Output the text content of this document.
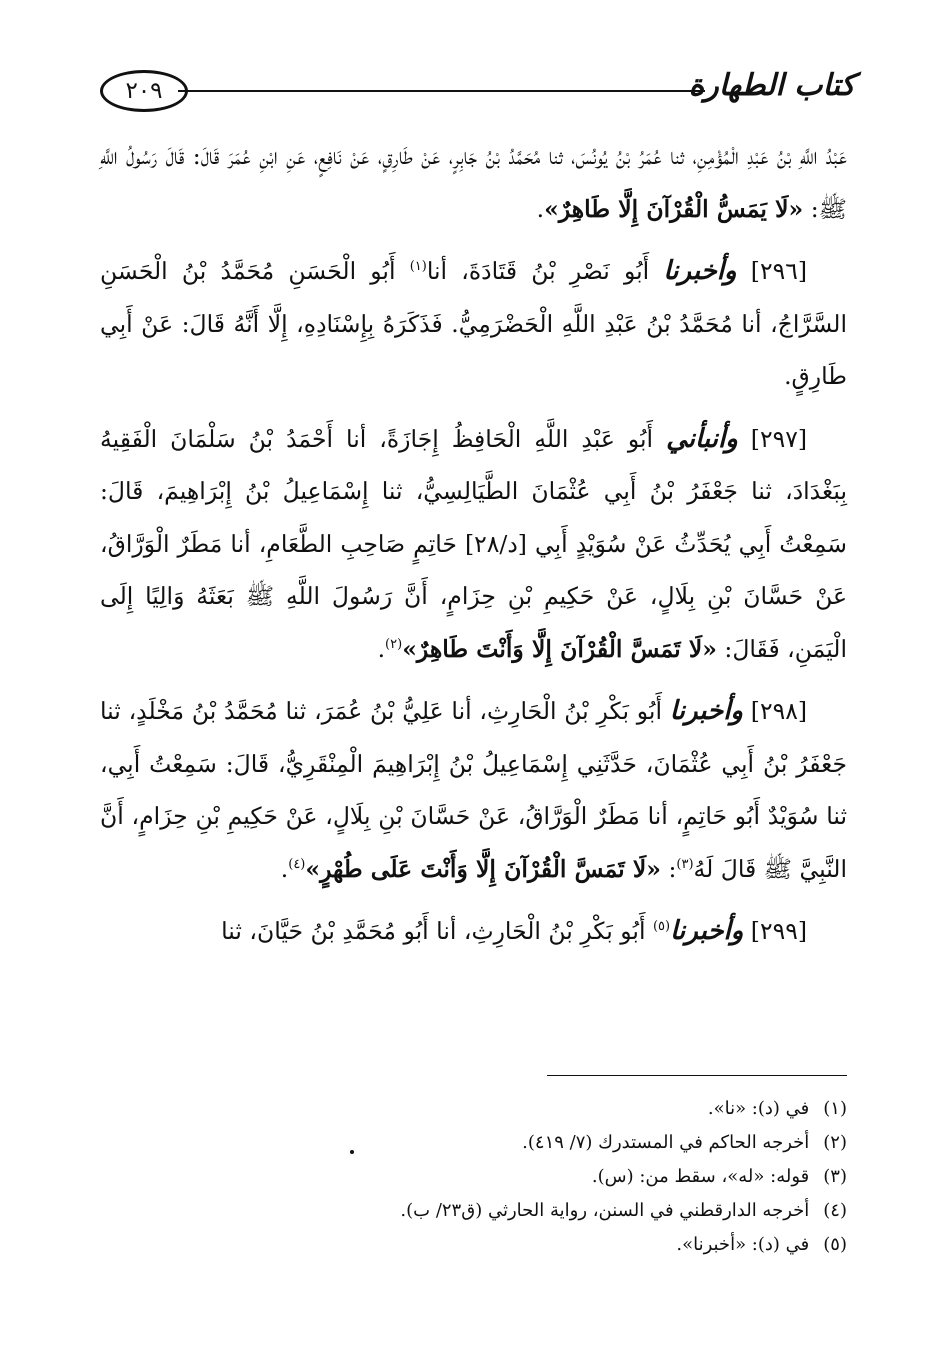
كتاب الطهارة
٢٠٩

عَبْدُ اللَّهِ بْنُ عَبْدِ الْمُؤْمِنِ، ثنا عُمَرُ بْنُ يُونُسَ، ثنا مُحَمَّدُ بْنُ جَابِرٍ، عَنْ طَارِقٍ، عَنْ نَافِعٍ، عَنِ ابْنِ عُمَرَ قَالَ: قَالَ رَسُولُ اللَّهِ ﷺ: «لَا يَمَسُّ الْقُرْآنَ إِلَّا طَاهِرٌ».

[٢٩٦] وأخبرنا أَبُو نَصْرِ بْنُ قَتَادَةَ، أنا$^{(١)}$ أَبُو الْحَسَنِ مُحَمَّدُ بْنُ الْحَسَنِ السَّرَّاجُ، أنا مُحَمَّدُ بْنُ عَبْدِ اللَّهِ الْحَضْرَمِيُّ. فَذَكَرَهُ بِإِسْنَادِهِ، إِلَّا أَنَّهُ قَالَ: عَنْ أَبِي طَارِقٍ.

[٢٩٧] وأنبأني أَبُو عَبْدِ اللَّهِ الْحَافِظُ إِجَازَةً، أنا أَحْمَدُ بْنُ سَلْمَانَ الْفَقِيهُ بِبَغْدَادَ، ثنا جَعْفَرُ بْنُ أَبِي عُثْمَانَ الطَّيَالِسِيُّ، ثنا إِسْمَاعِيلُ بْنُ إِبْرَاهِيمَ، قَالَ: سَمِعْتُ أَبِي يُحَدِّثُ عَنْ سُوَيْدٍ أَبِي [د/٢٨] حَاتِمٍ صَاحِبِ الطَّعَامِ، أنا مَطَرٌ الْوَرَّاقُ، عَنْ حَسَّانَ بْنِ بِلَالٍ، عَنْ حَكِيمِ بْنِ حِزَامٍ، أَنَّ رَسُولَ اللَّهِ ﷺ بَعَثَهُ وَالِيًا إِلَى الْيَمَنِ، فَقَالَ: «لَا تَمَسَّ الْقُرْآنَ إِلَّا وَأَنْتَ طَاهِرٌ»$^{(٢)}$.

[٢٩٨] وأخبرنا أَبُو بَكْرِ بْنُ الْحَارِثِ، أنا عَلِيُّ بْنُ عُمَرَ، ثنا مُحَمَّدُ بْنُ مَخْلَدٍ، ثنا جَعْفَرُ بْنُ أَبِي عُثْمَانَ، حَدَّثَنِي إِسْمَاعِيلُ بْنُ إِبْرَاهِيمَ الْمِنْقَرِيُّ، قَالَ: سَمِعْتُ أَبِي، ثنا سُوَيْدٌ أَبُو حَاتِمٍ، أنا مَطَرٌ الْوَرَّاقُ، عَنْ حَسَّانَ بْنِ بِلَالٍ، عَنْ حَكِيمِ بْنِ حِزَامٍ، أَنَّ النَّبِيَّ ﷺ قَالَ لَهُ$^{(٣)}$: «لَا تَمَسَّ الْقُرْآنَ إِلَّا وَأَنْتَ عَلَى طُهْرٍ»$^{(٤)}$.

[٢٩٩] وأخبرنا$^{(٥)}$ أَبُو بَكْرِ بْنُ الْحَارِثِ، أنا أَبُو مُحَمَّدِ بْنُ حَيَّانَ، ثنا

(١)في (د): «نا».
(٢)أخرجه الحاكم في المستدرك (٧/ ٤١٩).
(٣)قوله: «له»، سقط من: (س).
(٤)أخرجه الدارقطني في السنن، رواية الحارثي (ق٢٣/ ب).
(٥)في (د): «أخبرنا».
